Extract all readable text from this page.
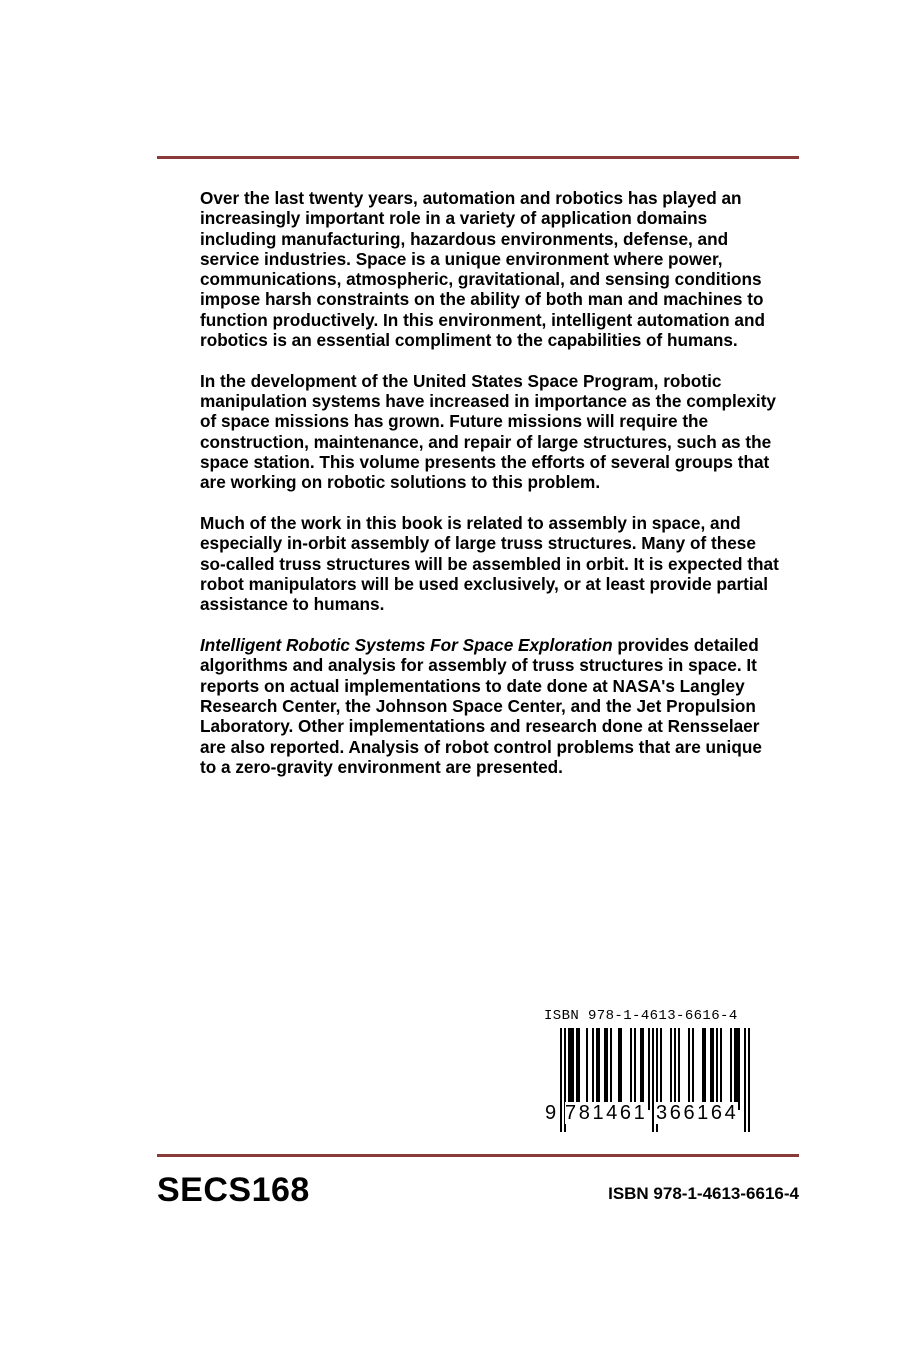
Over the last twenty years, automation and robotics has played an increasingly important role in a variety of application domains including manufacturing, hazardous environments, defense, and service industries. Space is a unique environment where power, communications, atmospheric, gravitational, and sensing conditions impose harsh constraints on the ability of both man and machines to function productively. In this environment, intelligent automation and robotics is an essential compliment to the capabilities of humans.

In the development of the United States Space Program, robotic manipulation systems have increased in importance as the complexity of space missions has grown. Future missions will require the construction, maintenance, and repair of large structures, such as the space station. This volume presents the efforts of several groups that are working on robotic solutions to this problem.

Much of the work in this book is related to assembly in space, and especially in-orbit assembly of large truss structures. Many of these so-called truss structures will be assembled in orbit. It is expected that robot manipulators will be used exclusively, or at least provide partial assistance to humans.

Intelligent Robotic Systems For Space Exploration provides detailed algorithms and analysis for assembly of truss structures in space. It reports on actual implementations to date done at NASA's Langley Research Center, the Johnson Space Center, and the Jet Propulsion Laboratory. Other implementations and research done at Rensselaer are also reported. Analysis of robot control problems that are unique to a zero-gravity environment are presented.

ISBN 978-1-4613-6616-4
9 781461 366164
SECS168	ISBN 978-1-4613-6616-4
